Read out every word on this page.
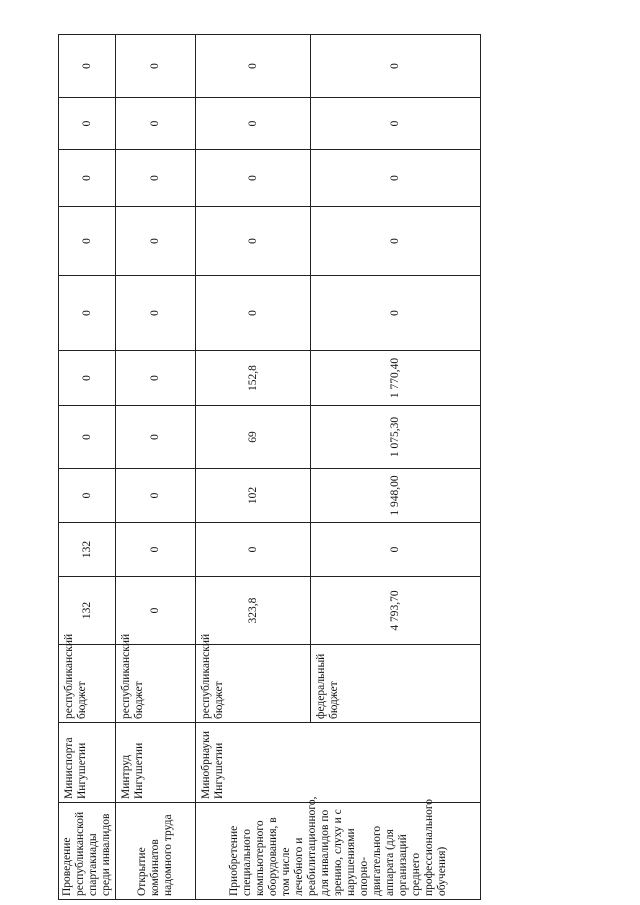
Проведение республиканской спартакиады среди инвалидов	Миниспорта Ингушетии	республиканский бюджет	132	132	0	0	0	0	0	0	0	0
Открытие комбинатов надомного труда	Минтруд Ингушетии	республиканский бюджет	0	0	0	0	0	0	0	0	0	0
Приобретение специального компьютерного оборудования, в том числе лечебного и реабилитационного, для инвалидов по зрению, слуху и с нарушениями опорно-двигательного аппарата (для организаций среднего профессионального обучения)	Минобрнауки Ингушетии	республиканский бюджет	323,8	0	102	69	152,8	0	0	0	0	0
		федеральный бюджет	4 793,70	0	1 948,00	1 075,30	1 770,40	0	0	0	0	0
